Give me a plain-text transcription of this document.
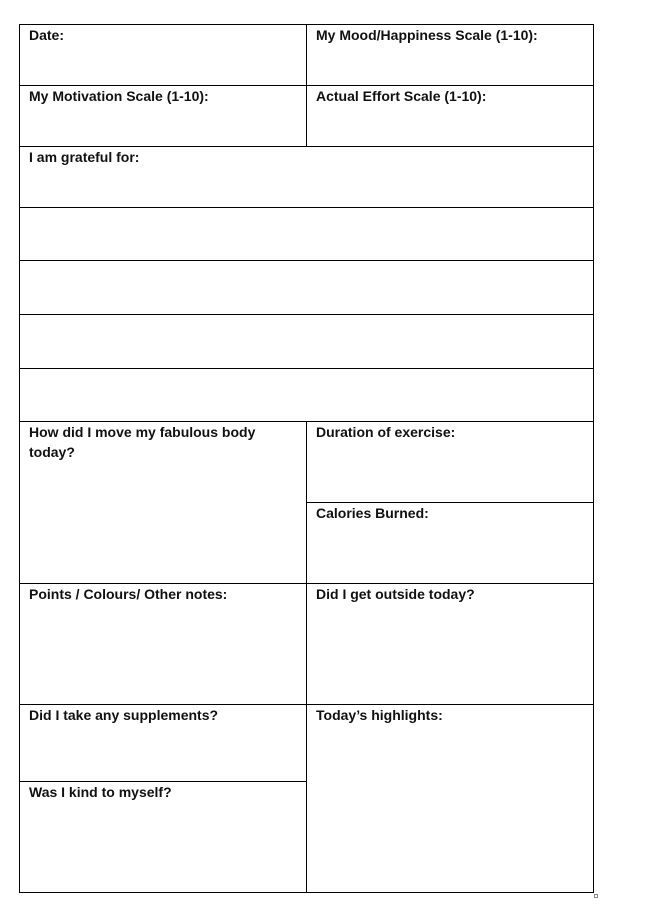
Date:	My Mood/Happiness Scale (1-10):
My Motivation Scale (1-10):	Actual Effort Scale (1-10):
I am grateful for:
How did I move my fabulous body today?
Duration of exercise:
Calories Burned:
Points / Colours/ Other notes:	Did I get outside today?
Did I take any supplements?	Today’s highlights:
Was I kind to myself?
